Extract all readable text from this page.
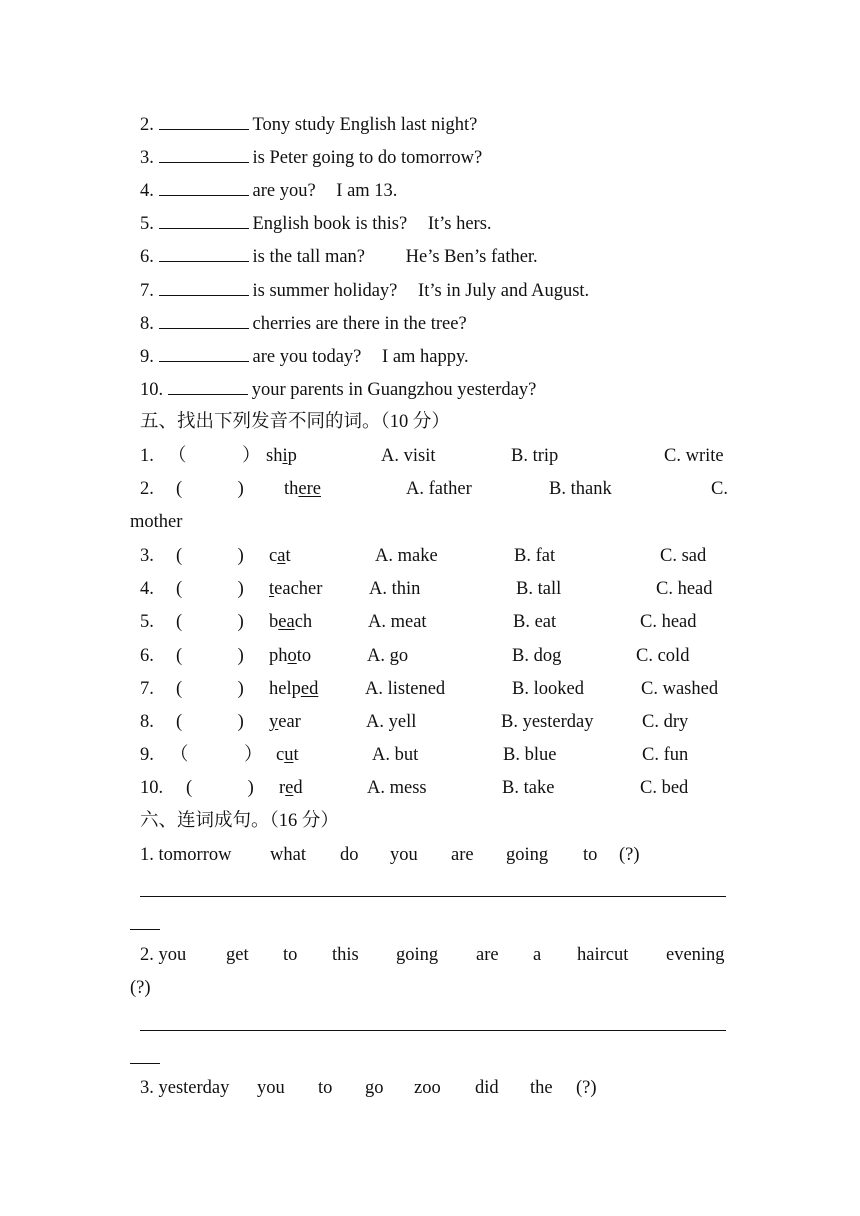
2.	Tony study English last night?
3.	is Peter going to do tomorrow?
4.	are you? I am 13.
5.	English book is this? It’s hers.
6.	is the tall man? He’s Ben’s father.
7.	is summer holiday? It’s in July and August.
8.	cherries are there in the tree?
9.	are you today? I am happy.
10.	your parents in Guangzhou yesterday?
五、找出下列发音不同的词。（10 分）
1. （　　　） ship	A. visit	B. trip	C. write
2. (　　　) there	A. father	B. thank	C.
mother
3. (　　　) cat	A. make	B. fat	C. sad
4. (　　　) teacher	A. thin	B. tall	C. head
5. (　　　) beach	A. meat	B. eat	C. head
6. (　　　) photo	A. go	B. dog	C. cold
7. (　　　) helped	A. listened	B. looked	C. washed
8. (　　　) year	A. yell	B. yesterday	C. dry
9. （　　　） cut	A. but	B. blue	C. fun
10. (　　　) red	A. mess	B. take	C. bed
六、连词成句。（16 分）
1. tomorrow what do you are going to (?)
2. you get to this going are a haircut evening
(?)
3. yesterday you to go zoo did the (?)
